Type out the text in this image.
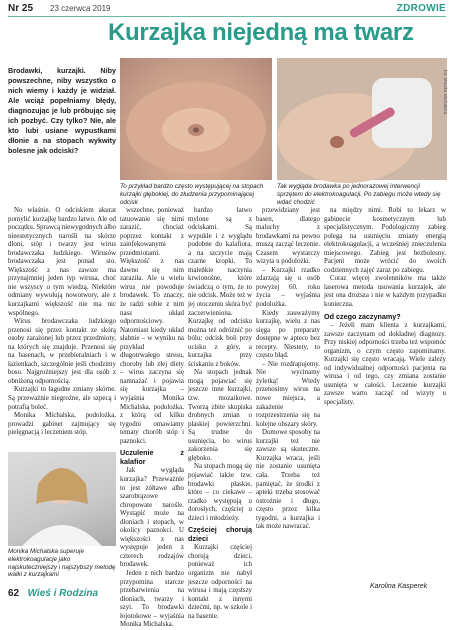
Nr 25 23 czerwca 2019	ZDROWIE
Kurzajka niejedną ma twarz
Brodawki, kurzajki. Niby powszechne, niby wszystko o nich wiemy i każdy je widział. Ale wciąż popełniamy błędy, diagnozując je lub próbując się ich pozbyć. Czy tylko? Nie, ale kto lubi usiane wypustkami dłonie a na stopach wykwity bolesne jak odciski?
To przykład bardzo często występującej na stopach kurzajki głębokiej, do złudzenia przypominającej odcisk
Tak wygląda brodawka po jednorazowej interwencji sprzętem do elektrokoagulacji. Po zabiegu może wtedy się wdać chodzić
fot. Monika Michalska

No właśnie. O odciskiem akurat pomylić kurzajkę bardzo łatwo. Ale od początku. Sprawcą niewygodnych albo nieestetycznych narośli na skórze dłoni, stóp i twarzy jest wirus brodawczaka ludzkiego. Wirusów brodawczaka jest ponad sto. Większość z nas zawsze ma przynajmniej jeden typ wirusa, choć nie wszyscy o tym wiedzą. Niektóre odmiany wywołują nowotwory, ale z kurzajkami większość nie ma nic wspólnego.

Wirus brodawczaka ludzkiego przenosi się przez kontakt ze skórą osoby zarażonej lub przez przedmioty, na których się znajduje. Przenosi się na basenach, w przebieralniach i w łazienkach, szczególnie jeśli chodzimy boso. Najgroźniejszy jest dla osób z obniżoną odpornością.

Kurzajki to łagodne zmiany skórne. Są przeważnie niegroźne, ale szpecą i potrafią boleć.

Monika Michalska, podolożka, prowadzi gabinet zajmujący się pielęgnacją i leczeniem stóp.

Monika Michalska superuje elektrokoagulacje jako najskuteczniejszy i najszybszy metodę walki z kurzajkami

wszechne, ponieważ tatuowanie się nimi zarazić, chociaż poprzez kontakt z zainfekowanymi przedmiotami. Większość z nas dawno się nim zaraziła. Ale u wielu wirus nie powoduje brodawek. To znaczy, że radzi sobie z nim nasz układ odpornościowy. Natomiast kiedy układ słabnie – w wyniku na przykład długotrwałego stresu, choroby lub złej diety – wirus zaczyna się namnażać i pojawia się kurzajka – wyjaśnia Monika Michalska, podolożka, z którą od kilku tygodni omawiamy tematy chorób stóp i paznokci.

Uczulenie z kalafior

Jak wygląda kurzajka? Przeważnie to jest żółtawe albo szarobrązowe chropowate narośle. Wystąpić może na dłoniach i stopach, w okolicy paznokci. U większości z nas występuje jeden z czterech rodzajów brodawek.

Jeden z nich bardzo przypomina starcze przebarwienia na dłoniach, twarzy i szyi. To brodawki łojotokowe – wyjaśnia Monika Michalska.

bardzo łatwo mylone są z odciskami. Są wypukłe i z wyglądu podobne do kalafiora, a na szczycie mają czarne kropki. To maleńkie naczynia krwionośne, które świadczą o tym, że to nie odcisk. Może też w jej otoczeniu skóra być zaczerwieniona. Kurzajkę od odcisku można też odróżnić po bólu: odcisk boli przy ucisku z góry, a kurzajka przy ściskaniu z boków.

Na stopach jednak mogą pojawiać się jeszcze inne kurzajki, tzw. mozaikowe. Tworzą zbite skupiska drobnych zmian o płaskiej powierzchni. Są trudne do usunięcia, bo wirus zakorzenia się głęboko.

Na stopach mogą się pojawiać także tzw. brodawki płaskie, które – co ciekawe – rzadko występują u dorosłych, częściej u dzieci i młodzieży.

Częściej chorują dzieci

Kurzajki częściej chorują dzieci, ponieważ ich organizm nie nabył jeszcze odporności na wirusa i mają częstszy kontakt z innymi dziećmi, np. w szkole i na basenie.

przewidziany jest basen, dlatego maluchy z brodawkami na pewno muszą zacząć leczenie. Czasem wystarczy wizyta u podolożki.

– Kurzajki rzadko zdarzają się u osób powyżej 60. roku życia – wyjaśnia podolożka.

Kiedy zauważymy kurzajkę, wielu z nas sięga po preparaty dostępne w aptece bez recepty. Niestety, to często błąd.

– Nie rozdrapujemy. Nie wycinamy żyletką! Wtedy przenosimy wirus na nowe miejsca, a zakażenie rozprzestrzenia się na kolejne obszary skóry.

Domowe sposoby na kurzajki też nie zawsze są skuteczne. Kurzajka wraca, jeśli nie zostanie usunięta cała. Trzeba też pamiętać, że środki z apteki trzeba stosować ostrożnie i długo, często przez kilka tygodni, a kurzajka i tak może nawracać.

na między nimi. Robi to lekarz w gabinecie kosmetycznym lub specjalistycznym. Podologiczny zabieg polega na usunięciu zmiany energią elektrokoagulacji, a wcześniej znieczulenia miejscowego. Zabieg jest bezbolesny. Pacjent może wrócić do swoich codziennych zajęć zaraz po zabiegu.

Coraz więcej zwolenników ma także laserowa metoda usuwania kurzajek, ale jest ona droższa i nie w każdym przypadku konieczna.

Od czego zaczynamy?

– Jeżeli mam klienta z kurzajkami, zawsze zaczynam od dokładnej diagnozy. Przy niskiej odporności trzeba też wspomóc organizm, o czym często zapominamy. Kurzajki się często wracają. Wiele zależy od indywidualnej odporności pacjenta na wirusa i od tego, czy zmiana zostanie usunięta w całości. Leczenie kurzajki zawsze warto zacząć od wizyty u specjalisty.

62 Wieś i Rodzina
Karolina Kasperek
